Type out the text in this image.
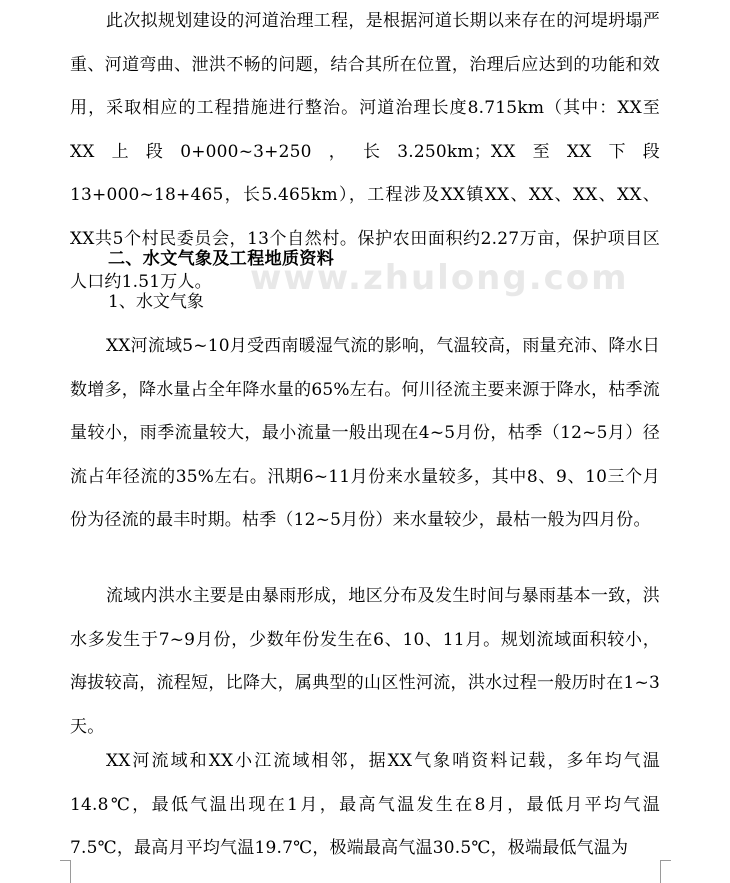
此次拟规划建设的河道治理工程，是根据河道长期以来存在的河堤坍塌严重、河道弯曲、泄洪不畅的问题，结合其所在位置，治理后应达到的功能和效用，采取相应的工程措施进行整治。河道治理长度8.715km（其中：XX至XX上段0+000~3+250，长3.250km；XX至XX下段13+000~18+465，长5.465km），工程涉及XX镇XX、XX、XX、XX、XX共5个村民委员会，13个自然村。保护农田面积约2.27万亩，保护项目区人口约1.51万人。	www.zhulong.com

二、水文气象及工程地质资料

1、水文气象

XX河流域5~10月受西南暖湿气流的影响，气温较高，雨量充沛、降水日数增多，降水量占全年降水量的65%左右。何川径流主要来源于降水，枯季流量较小，雨季流量较大，最小流量一般出现在4~5月份，枯季（12~5月）径流占年径流的35%左右。汛期6~11月份来水量较多，其中8、9、10三个月份为径流的最丰时期。枯季（12~5月份）来水量较少，最枯一般为四月份。

流域内洪水主要是由暴雨形成，地区分布及发生时间与暴雨基本一致，洪水多发生于7~9月份，少数年份发生在6、10、11月。规划流域面积较小，海拔较高，流程短，比降大，属典型的山区性河流，洪水过程一般历时在1~3天。

XX河流域和XX小江流域相邻，据XX气象哨资料记载，多年均气温14.8℃，最低气温出现在1月，最高气温发生在8月，最低月平均气温7.5℃，最高月平均气温19.7℃，极端最高气温30.5℃，极端最低气温为
